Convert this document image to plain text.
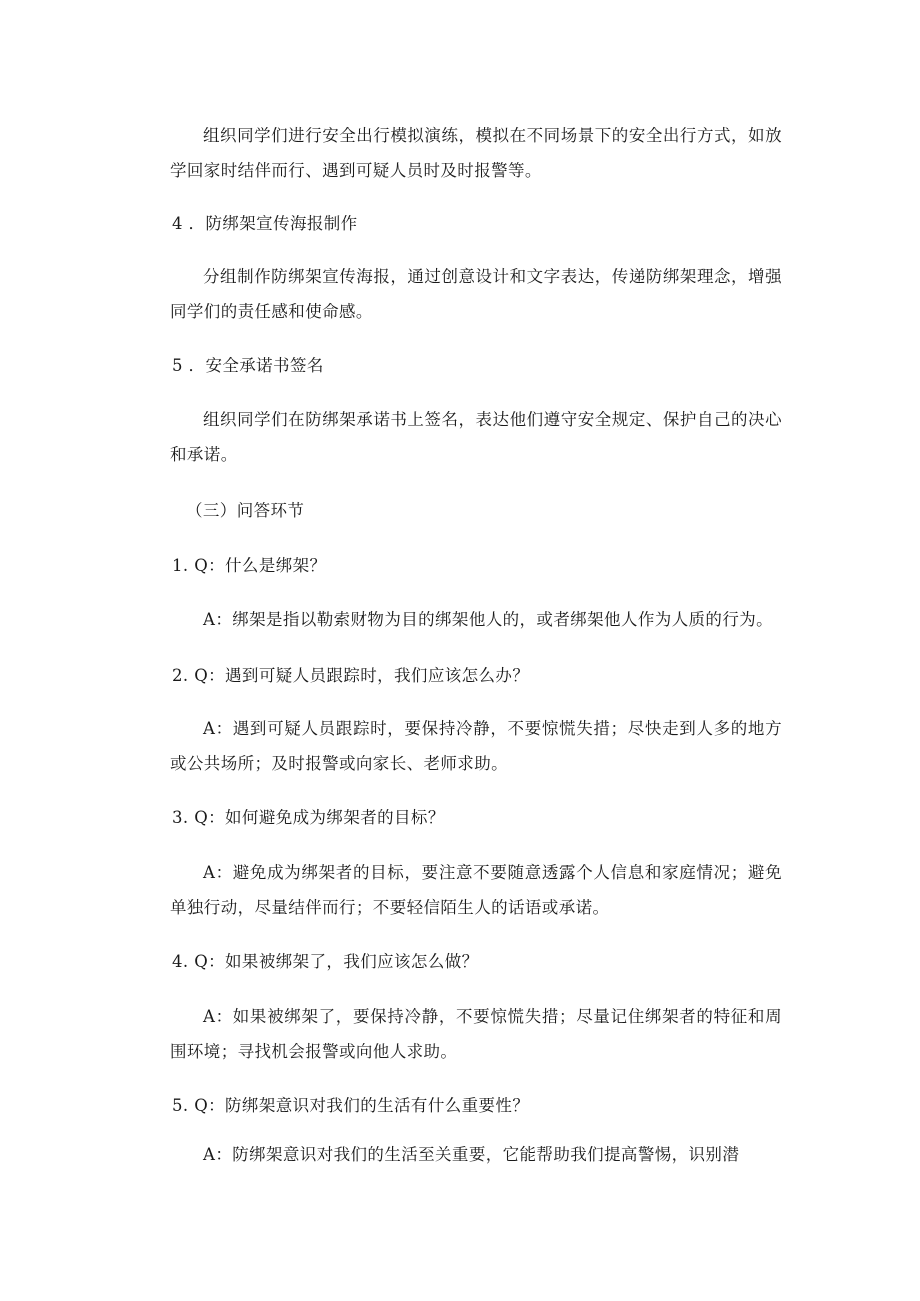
组织同学们进行安全出行模拟演练，模拟在不同场景下的安全出行方式，如放学回家时结伴而行、遇到可疑人员时及时报警等。
4 ．防绑架宣传海报制作
分组制作防绑架宣传海报，通过创意设计和文字表达，传递防绑架理念，增强同学们的责任感和使命感。
5 ．安全承诺书签名
组织同学们在防绑架承诺书上签名，表达他们遵守安全规定、保护自己的决心和承诺。
（三）问答环节
1. Q：什么是绑架？
A：绑架是指以勒索财物为目的绑架他人的，或者绑架他人作为人质的行为。
2. Q：遇到可疑人员跟踪时，我们应该怎么办？
A：遇到可疑人员跟踪时，要保持冷静，不要惊慌失措；尽快走到人多的地方或公共场所；及时报警或向家长、老师求助。
3. Q：如何避免成为绑架者的目标？
A：避免成为绑架者的目标，要注意不要随意透露个人信息和家庭情况；避免单独行动，尽量结伴而行；不要轻信陌生人的话语或承诺。
4. Q：如果被绑架了，我们应该怎么做？
A：如果被绑架了，要保持冷静，不要惊慌失措；尽量记住绑架者的特征和周围环境；寻找机会报警或向他人求助。
5. Q：防绑架意识对我们的生活有什么重要性？
A：防绑架意识对我们的生活至关重要，它能帮助我们提高警惕，识别潜
